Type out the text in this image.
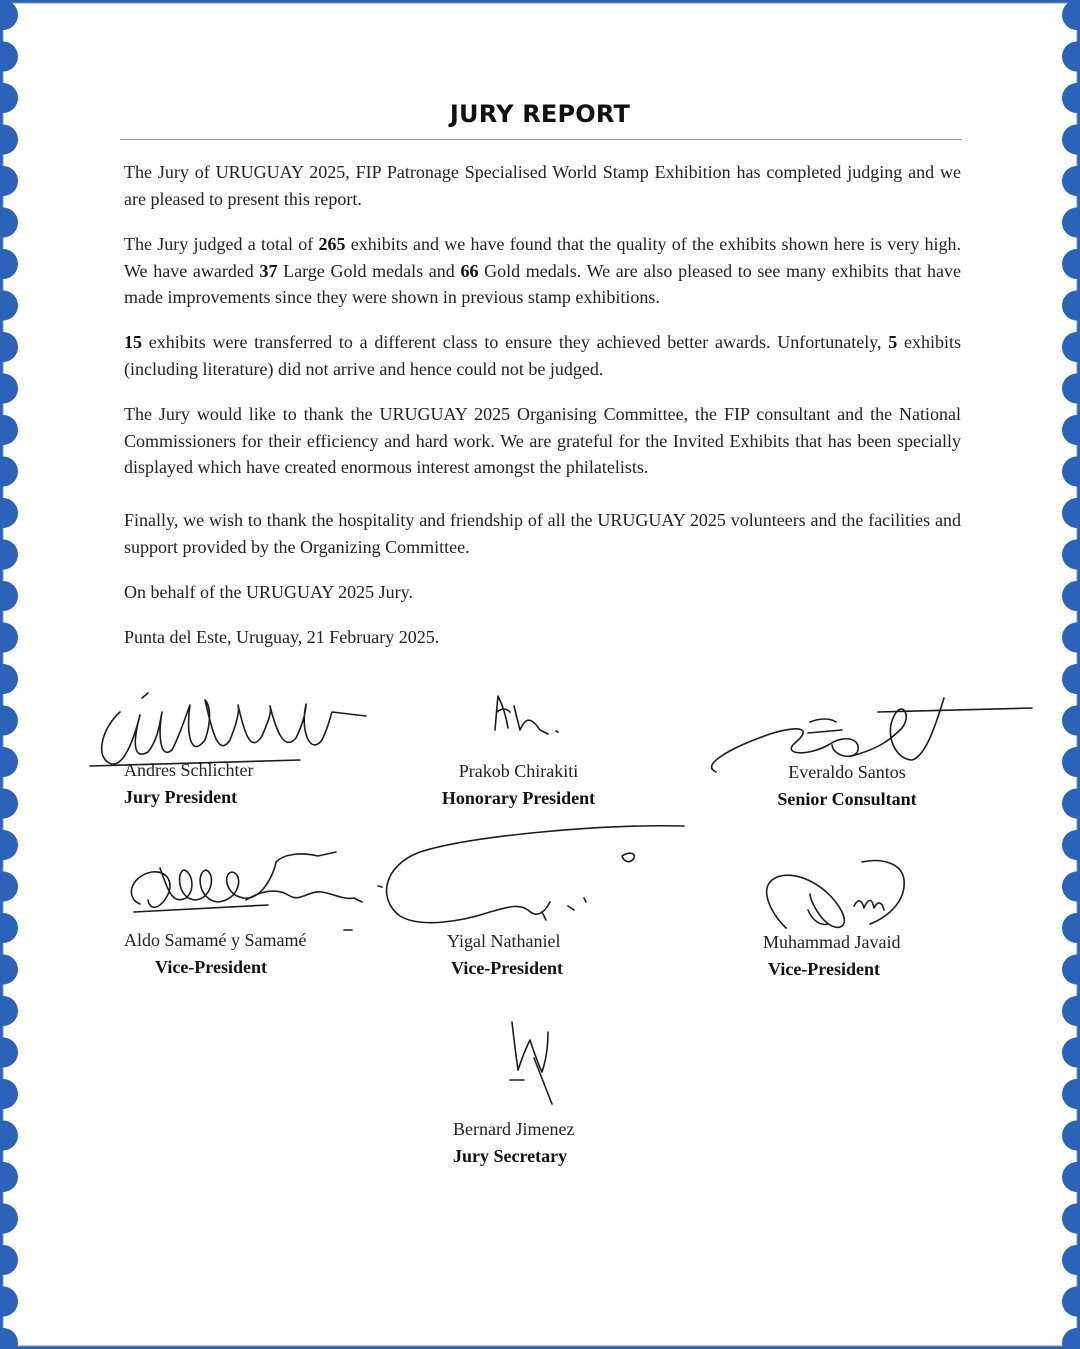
JURY REPORT

The Jury of URUGUAY 2025, FIP Patronage Specialised World Stamp Exhibition has completed judging and we are pleased to present this report.

The Jury judged a total of 265 exhibits and we have found that the quality of the exhibits shown here is very high. We have awarded 37 Large Gold medals and 66 Gold medals. We are also pleased to see many exhibits that have made improvements since they were shown in previous stamp exhibitions.

15 exhibits were transferred to a different class to ensure they achieved better awards. Unfortunately, 5 exhibits (including literature) did not arrive and hence could not be judged.

The Jury would like to thank the URUGUAY 2025 Organising Committee, the FIP consultant and the National Commissioners for their efficiency and hard work. We are grateful for the Invited Exhibits that has been specially displayed which have created enormous interest amongst the philatelists.

Finally, we wish to thank the hospitality and friendship of all the URUGUAY 2025 volunteers and the facilities and support provided by the Organizing Committee.

On behalf of the URUGUAY 2025 Jury.

Punta del Este, Uruguay, 21 February 2025.

Andres Schlichter
Jury President
Prakob Chirakiti
Honorary President
Everaldo Santos
Senior Consultant
Aldo Samamé y Samamé
Vice-President
Yigal Nathaniel
Vice-President
Muhammad Javaid
Vice-President
Bernard Jimenez
Jury Secretary
